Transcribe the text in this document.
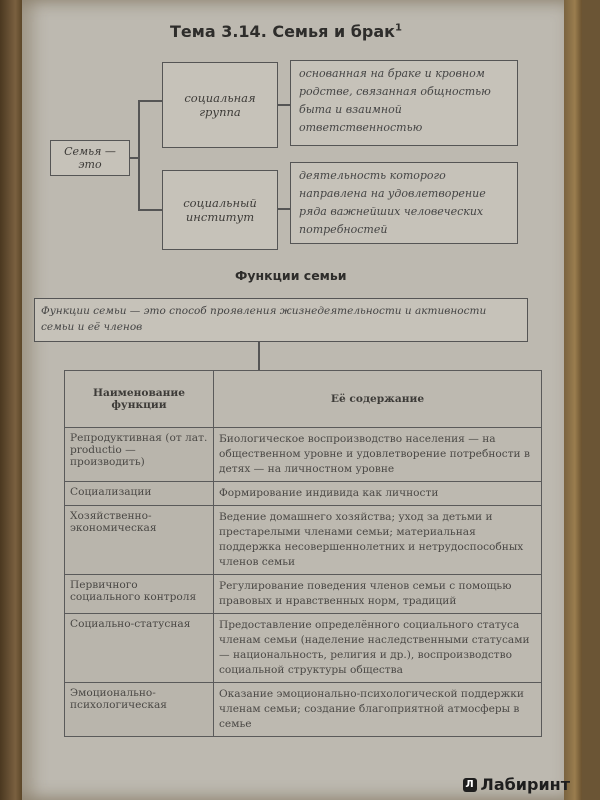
Тема 3.14. Семья и брак$^1$
Семья — это
социальная группа
основанная на браке и кровном родстве, связанная общностью быта и взаимной ответственностью
социальный институт
деятельность которого направлена на удовлетворение ряда важнейших человеческих потребностей
Функции семьи
Функции семьи — это способ проявления жизнедеятельности и активности семьи и её членов
Наименование функции	Её содержание
Репродуктивная (от лат. productio — производить)	Биологическое воспроизводство населения — на общественном уровне и удовлетворение потребности в детях — на личностном уровне
Социализации	Формирование индивида как личности
Хозяйственно-экономическая	Ведение домашнего хозяйства; уход за детьми и престарелыми членами семьи; материальная поддержка несовершеннолетних и нетрудоспособных членов семьи
Первичного социального контроля	Регулирование поведения членов семьи с помощью правовых и нравственных норм, традиций
Социально-статусная	Предоставление определённого социального статуса членам семьи (наделение наследственными статусами — национальность, религия и др.), воспроизводство социальной структуры общества
Эмоционально-психологическая	Оказание эмоционально-психологической поддержки членам семьи; создание благоприятной атмосферы в семье
Л Лабиринт
